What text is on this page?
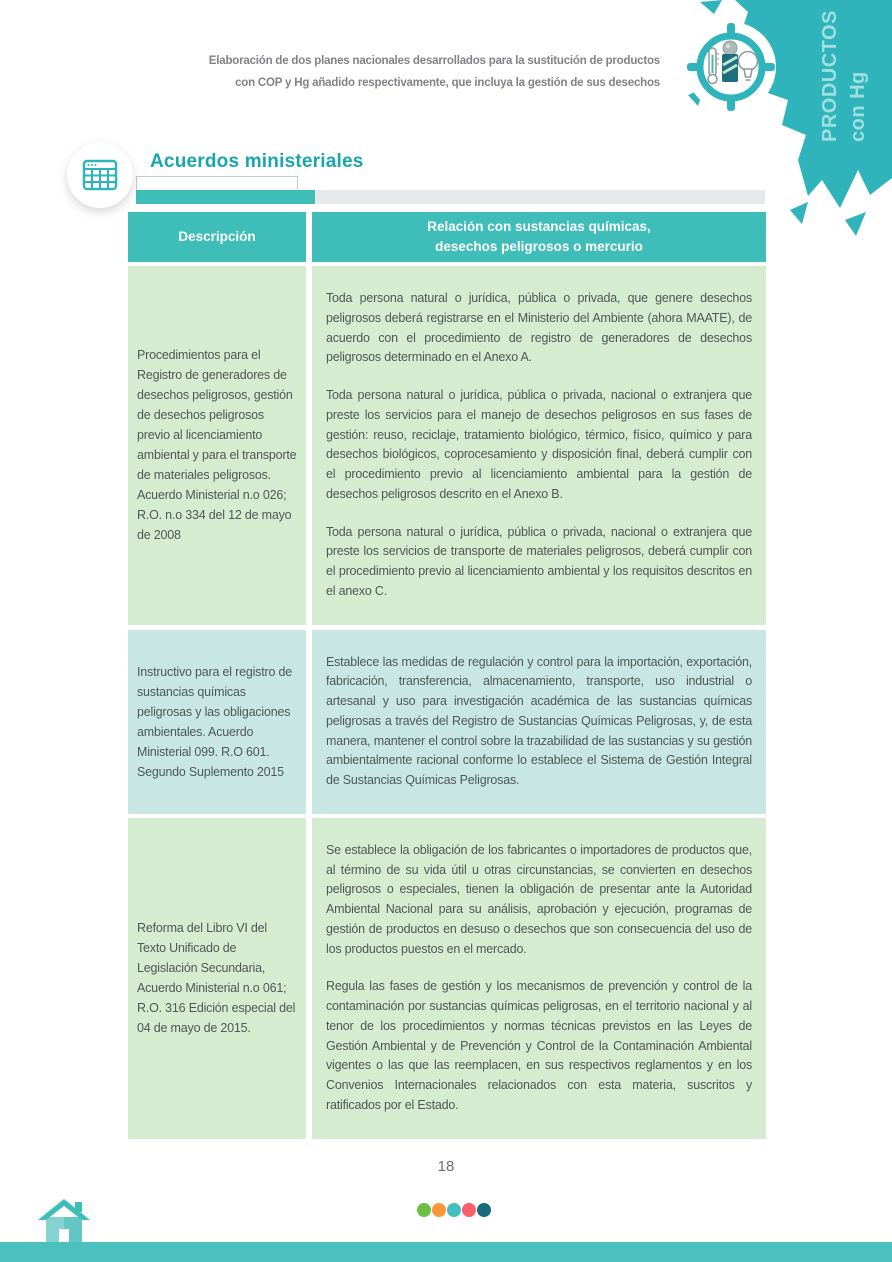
PRODUCTOS con Hg
Elaboración de dos planes nacionales desarrollados para la sustitución de productos
con COP y Hg añadido respectivamente, que incluya la gestión de sus desechos
Acuerdos ministeriales
Descripción
Relación con sustancias químicas,
desechos peligrosos o mercurio
Procedimientos para el Registro de generadores de desechos peligrosos, gestión de desechos peligrosos previo al licenciamiento ambiental y para el transporte de materiales peligrosos. Acuerdo Ministerial n.o 026; R.O. n.o 334 del 12 de mayo de 2008

Toda persona natural o jurídica, pública o privada, que genere desechos peligrosos deberá registrarse en el Ministerio del Ambiente (ahora MAATE), de acuerdo con el procedimiento de registro de generadores de desechos peligrosos determinado en el Anexo A.

Toda persona natural o jurídica, pública o privada, nacional o extranjera que preste los servicios para el manejo de desechos peligrosos en sus fases de gestión: reuso, reciclaje, tratamiento biológico, térmico, físico, químico y para desechos biológicos, coprocesamiento y disposición final, deberá cumplir con el procedimiento previo al licenciamiento ambiental para la gestión de desechos peligrosos descrito en el Anexo B.

Toda persona natural o jurídica, pública o privada, nacional o extranjera que preste los servicios de transporte de materiales peligrosos, deberá cumplir con el procedimiento previo al licenciamiento ambiental y los requisitos descritos en el anexo C.

Instructivo para el registro de sustancias químicas peligrosas y las obligaciones ambientales. Acuerdo Ministerial 099. R.O 601. Segundo Suplemento 2015

Establece las medidas de regulación y control para la importación, exportación, fabricación, transferencia, almacenamiento, transporte, uso industrial o artesanal y uso para investigación académica de las sustancias químicas peligrosas a través del Registro de Sustancias Químicas Peligrosas, y, de esta manera, mantener el control sobre la trazabilidad de las sustancias y su gestión ambientalmente racional conforme lo establece el Sistema de Gestión Integral de Sustancias Químicas Peligrosas.

Reforma del Libro VI del Texto Unificado de Legislación Secundaria, Acuerdo Ministerial n.o 061; R.O. 316 Edición especial del 04 de mayo de 2015.

Se establece la obligación de los fabricantes o importadores de productos que, al término de su vida útil u otras circunstancias, se convierten en desechos peligrosos o especiales, tienen la obligación de presentar ante la Autoridad Ambiental Nacional para su análisis, aprobación y ejecución, programas de gestión de productos en desuso o desechos que son consecuencia del uso de los productos puestos en el mercado.

Regula las fases de gestión y los mecanismos de prevención y control de la contaminación por sustancias químicas peligrosas, en el territorio nacional y al tenor de los procedimientos y normas técnicas previstos en las Leyes de Gestión Ambiental y de Prevención y Control de la Contaminación Ambiental vigentes o las que las reemplacen, en sus respectivos reglamentos y en los Convenios Internacionales relacionados con esta materia, suscritos y ratificados por el Estado.

18
